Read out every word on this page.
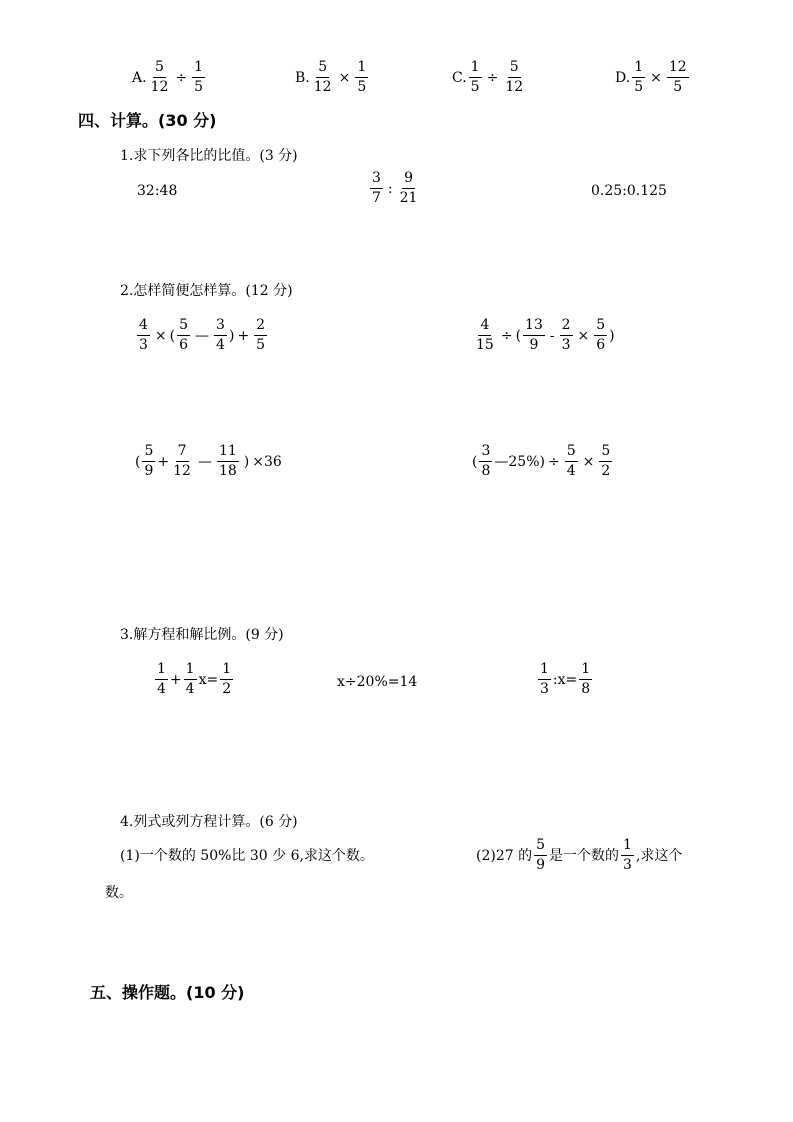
A. $\frac{5}{12} \div \frac{1}{5}$	B. $\frac{5}{12} \times \frac{1}{5}$	C. $\frac{1}{5} \div \frac{5}{12}$	D. $\frac{1}{5} \times \frac{12}{5}$
四、计算。(30 分)
1.求下列各比的比值。(3 分)
32:48	$\frac{3}{7}$ : $\frac{9}{21}$	0.25:0.125
2.怎样简便怎样算。(12 分)
$\frac{4}{3}$ × ( $\frac{5}{6}$ — $\frac{3}{4}$ ) + $\frac{2}{5}$	$\frac{4}{15}$ ÷ ( $\frac{13}{9} - \frac{2}{3} \times \frac{5}{6}$ )
( $\frac{5}{9} + \frac{7}{12}$ — $\frac{11}{18}$ ) ×36	( $\frac{3}{8}$ —25%) ÷ $\frac{5}{4} \times \frac{5}{2}$
3.解方程和解比例。(9 分)
$\frac{1}{4} + \frac{1}{4} x= \frac{1}{2}$	x÷20%=14	$\frac{1}{3}$ :x= $\frac{1}{8}$
4.列式或列方程计算。(6 分)
(1)一个数的 50%比 30 少 6,求这个数。	(2)27 的 $\frac{5}{9}$ 是一个数的 $\frac{1}{3}$ ,求这个
数。
五、操作题。(10 分)
